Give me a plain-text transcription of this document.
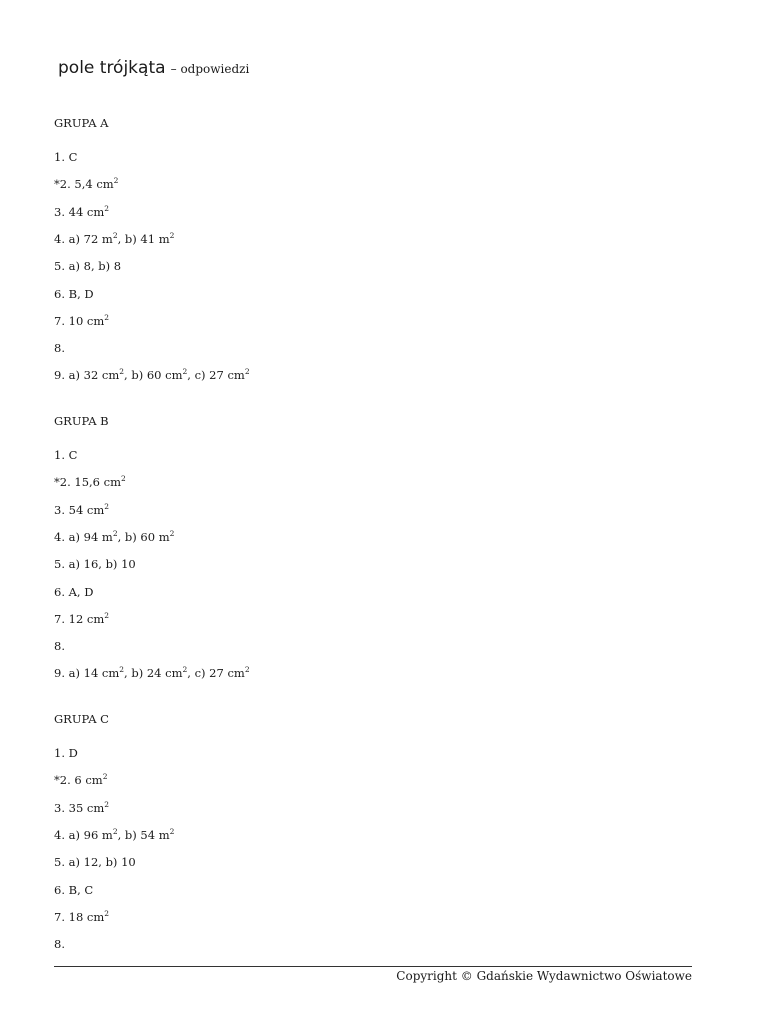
pole trójkąta – odpowiedzi
GRUPA A
1. C
*2. 5,4 $cm^2$
3. 44 $cm^2$
4. a) 72 $m^2$, b) 41 $m^2$
5. a) 8, b) 8
6. B, D
7. 10 $cm^2$
8.
9. a) 32 $cm^2$, b) 60 $cm^2$, c) 27 $cm^2$
GRUPA B
1. C
*2. 15,6 $cm^2$
3. 54 $cm^2$
4. a) 94 $m^2$, b) 60 $m^2$
5. a) 16, b) 10
6. A, D
7. 12 $cm^2$
8.
9. a) 14 $cm^2$, b) 24 $cm^2$, c) 27 $cm^2$
GRUPA C
1. D
*2. 6 $cm^2$
3. 35 $cm^2$
4. a) 96 $m^2$, b) 54 $m^2$
5. a) 12, b) 10
6. B, C
7. 18 $cm^2$
8.
Copyright © Gdańskie Wydawnictwo Oświatowe
